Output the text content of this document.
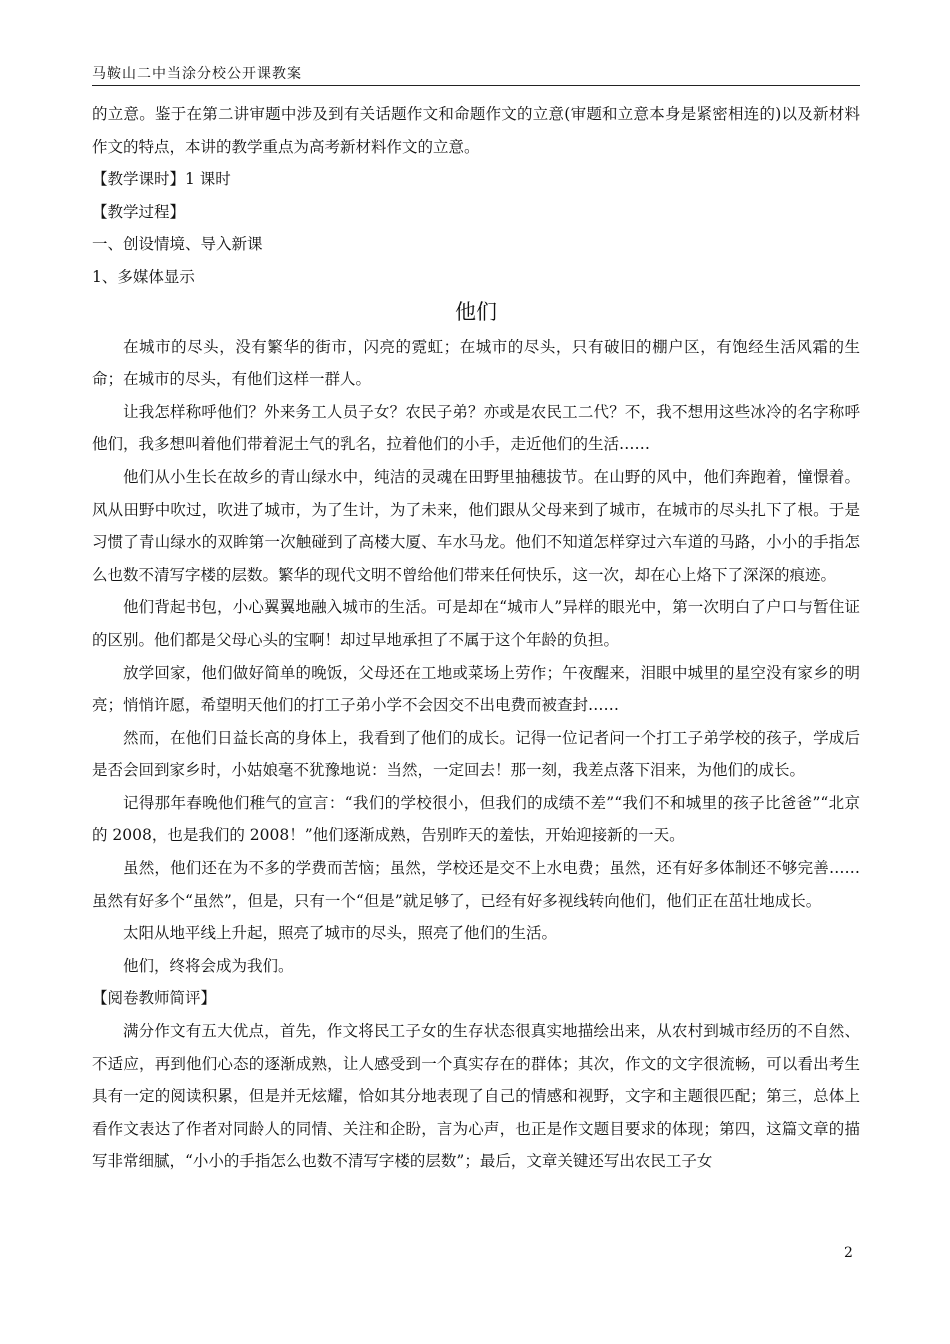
马鞍山二中当涂分校公开课教案

的立意。鉴于在第二讲审题中涉及到有关话题作文和命题作文的立意(审题和立意本身是紧密相连的)以及新材料作文的特点，本讲的教学重点为高考新材料作文的立意。

【教学课时】1 课时

【教学过程】

一、创设情境、导入新课

1、多媒体显示

他们

在城市的尽头，没有繁华的街市，闪亮的霓虹；在城市的尽头，只有破旧的棚户区，有饱经生活风霜的生命；在城市的尽头，有他们这样一群人。

让我怎样称呼他们？外来务工人员子女？农民子弟？亦或是农民工二代？不，我不想用这些冰冷的名字称呼他们，我多想叫着他们带着泥土气的乳名，拉着他们的小手，走近他们的生活……

他们从小生长在故乡的青山绿水中，纯洁的灵魂在田野里抽穗拔节。在山野的风中，他们奔跑着，憧憬着。风从田野中吹过，吹进了城市，为了生计，为了未来，他们跟从父母来到了城市，在城市的尽头扎下了根。于是习惯了青山绿水的双眸第一次触碰到了高楼大厦、车水马龙。他们不知道怎样穿过六车道的马路，小小的手指怎么也数不清写字楼的层数。繁华的现代文明不曾给他们带来任何快乐，这一次，却在心上烙下了深深的痕迹。

他们背起书包，小心翼翼地融入城市的生活。可是却在“城市人”异样的眼光中，第一次明白了户口与暂住证的区别。他们都是父母心头的宝啊！却过早地承担了不属于这个年龄的负担。

放学回家，他们做好简单的晚饭，父母还在工地或菜场上劳作；午夜醒来，泪眼中城里的星空没有家乡的明亮；悄悄许愿，希望明天他们的打工子弟小学不会因交不出电费而被查封……

然而，在他们日益长高的身体上，我看到了他们的成长。记得一位记者问一个打工子弟学校的孩子，学成后是否会回到家乡时，小姑娘毫不犹豫地说：当然，一定回去！那一刻，我差点落下泪来，为他们的成长。

记得那年春晚他们稚气的宣言：“我们的学校很小，但我们的成绩不差”“我们不和城里的孩子比爸爸”“北京的 2008，也是我们的 2008！”他们逐渐成熟，告别昨天的羞怯，开始迎接新的一天。

虽然，他们还在为不多的学费而苦恼；虽然，学校还是交不上水电费；虽然，还有好多体制还不够完善……虽然有好多个“虽然”，但是，只有一个“但是”就足够了，已经有好多视线转向他们，他们正在茁壮地成长。

太阳从地平线上升起，照亮了城市的尽头，照亮了他们的生活。

他们，终将会成为我们。

【阅卷教师简评】

满分作文有五大优点，首先，作文将民工子女的生存状态很真实地描绘出来，从农村到城市经历的不自然、不适应，再到他们心态的逐渐成熟，让人感受到一个真实存在的群体；其次，作文的文字很流畅，可以看出考生具有一定的阅读积累，但是并无炫耀，恰如其分地表现了自己的情感和视野，文字和主题很匹配；第三，总体上看作文表达了作者对同龄人的同情、关注和企盼，言为心声，也正是作文题目要求的体现；第四，这篇文章的描写非常细腻，“小小的手指怎么也数不清写字楼的层数”；最后，文章关键还写出农民工子女

2
